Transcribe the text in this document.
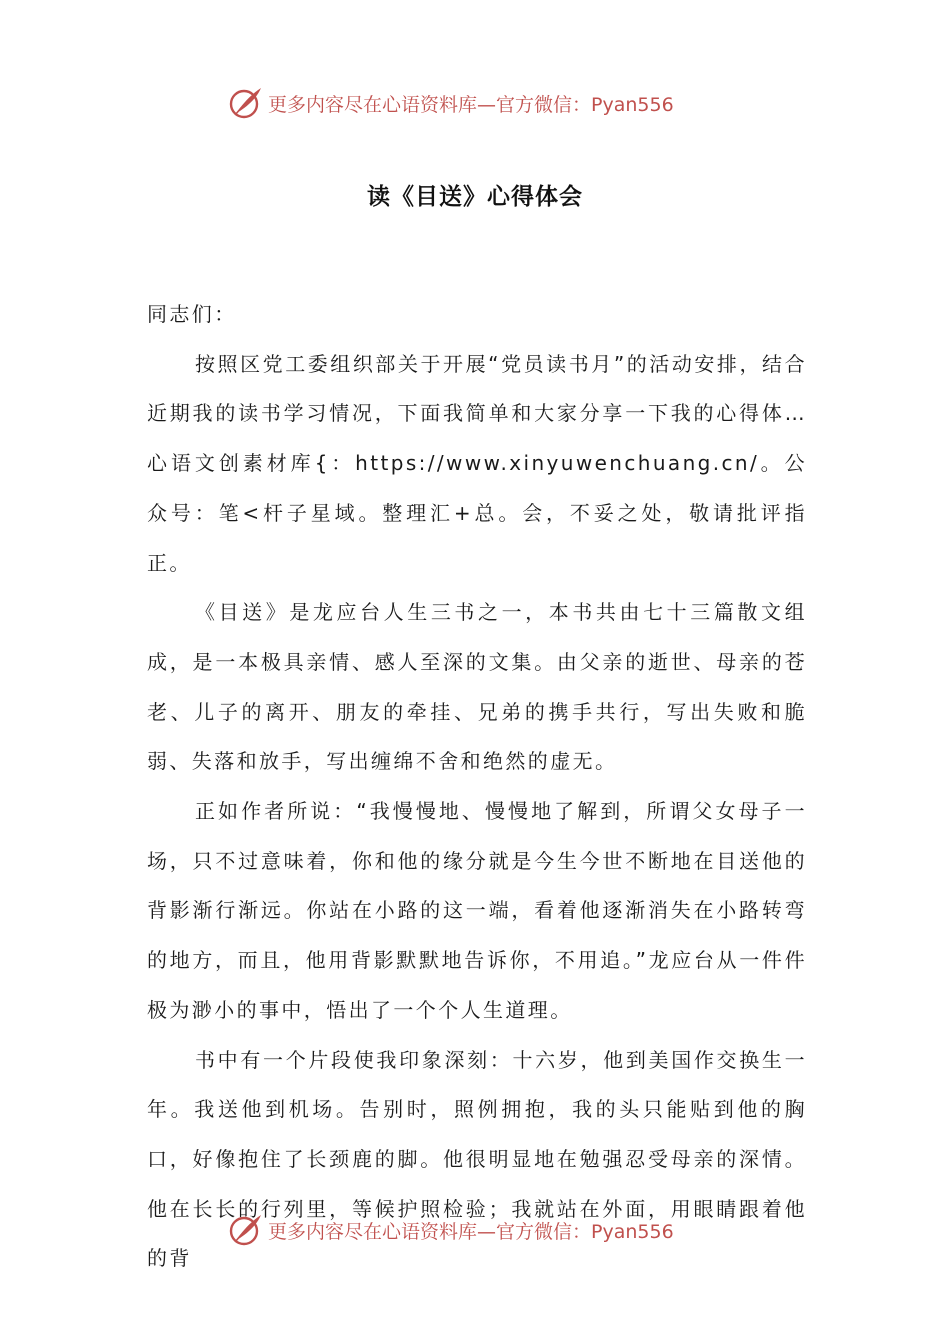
更多内容尽在心语资料库 —官方微信：Pyan556
读《目送》心得体会

同志们：

按照区党工委组织部关于开展“党员读书月”的活动安排，结合近期我的读书学习情况，下面我简单和大家分享一下我的心得体…心语文创素材库{：https://www.xinyuwenchuang.cn/。公众号：笔<杆子星域。整理汇+总。会，不妥之处，敬请批评指正。

《目送》是龙应台人生三书之一，本书共由七十三篇散文组成，是一本极具亲情、感人至深的文集。由父亲的逝世、母亲的苍老、儿子的离开、朋友的牵挂、兄弟的携手共行，写出失败和脆弱、失落和放手，写出缠绵不舍和绝然的虚无。

正如作者所说：“我慢慢地、慢慢地了解到，所谓父女母子一场，只不过意味着，你和他的缘分就是今生今世不断地在目送他的背影渐行渐远。你站在小路的这一端，看着他逐渐消失在小路转弯的地方，而且，他用背影默默地告诉你，不用追。”龙应台从一件件极为渺小的事中，悟出了一个个人生道理。

书中有一个片段使我印象深刻：十六岁，他到美国作交换生一年。我送他到机场。告别时，照例拥抱，我的头只能贴到他的胸口，好像抱住了长颈鹿的脚。他很明显地在勉强忍受母亲的深情。他在长长的行列里，等候护照检验；我就站在外面，用眼睛跟着他的背

更多内容尽在心语资料库 —官方微信：Pyan556
